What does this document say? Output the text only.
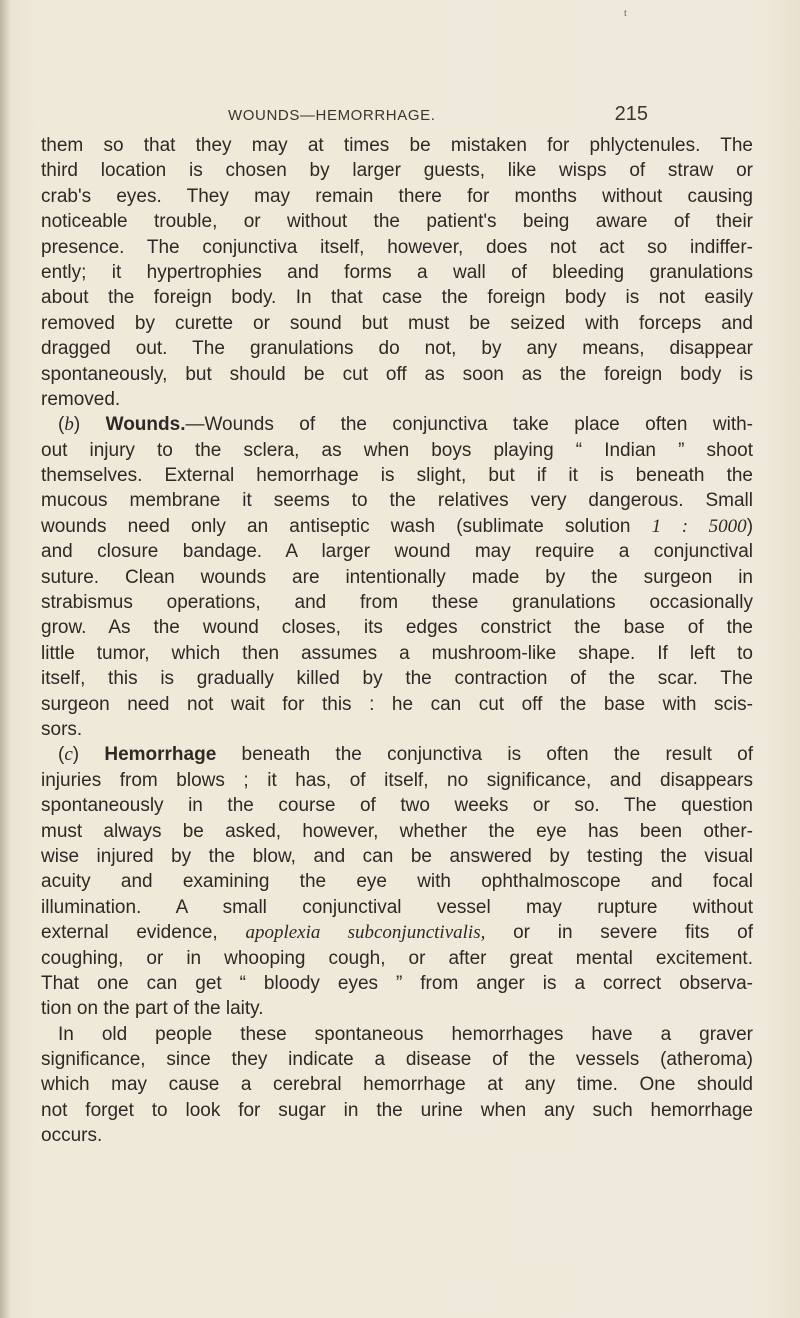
WOUNDS—HEMORRHAGE.	215
t
them so that they may at times be mistaken for phlyctenules. The
third location is chosen by larger guests, like wisps of straw or
crab's eyes. They may remain there for months without causing
noticeable trouble, or without the patient's being aware of their
presence. The conjunctiva itself, however, does not act so indiffer-
ently; it hypertrophies and forms a wall of bleeding granulations
about the foreign body. In that case the foreign body is not easily
removed by curette or sound but must be seized with forceps and
dragged out. The granulations do not, by any means, disappear
spontaneously, but should be cut off as soon as the foreign body is
removed.
(b) Wounds.—Wounds of the conjunctiva take place often with-
out injury to the sclera, as when boys playing “ Indian ” shoot
themselves. External hemorrhage is slight, but if it is beneath the
mucous membrane it seems to the relatives very dangerous. Small
wounds need only an antiseptic wash (sublimate solution 1 : 5000)
and closure bandage. A larger wound may require a conjunctival
suture. Clean wounds are intentionally made by the surgeon in
strabismus operations, and from these granulations occasionally
grow. As the wound closes, its edges constrict the base of the
little tumor, which then assumes a mushroom-like shape. If left to
itself, this is gradually killed by the contraction of the scar. The
surgeon need not wait for this : he can cut off the base with scis-
sors.
(c) Hemorrhage beneath the conjunctiva is often the result of
injuries from blows ; it has, of itself, no significance, and disappears
spontaneously in the course of two weeks or so. The question
must always be asked, however, whether the eye has been other-
wise injured by the blow, and can be answered by testing the visual
acuity and examining the eye with ophthalmoscope and focal
illumination. A small conjunctival vessel may rupture without
external evidence, apoplexia subconjunctivalis, or in severe fits of
coughing, or in whooping cough, or after great mental excitement.
That one can get “ bloody eyes ” from anger is a correct observa-
tion on the part of the laity.
In old people these spontaneous hemorrhages have a graver
significance, since they indicate a disease of the vessels (atheroma)
which may cause a cerebral hemorrhage at any time. One should
not forget to look for sugar in the urine when any such hemorrhage
occurs.
